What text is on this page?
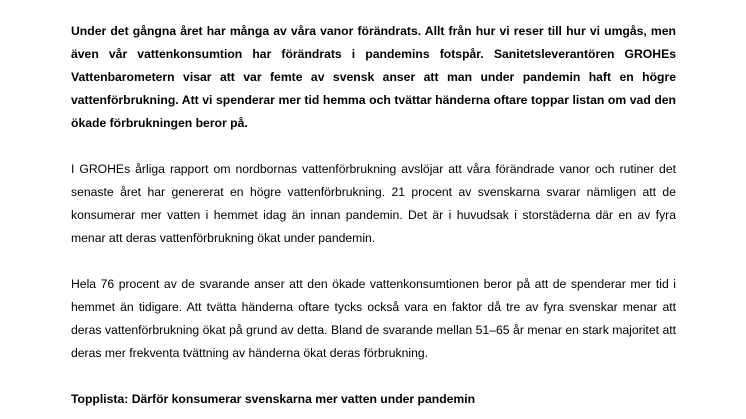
Under det gångna året har många av våra vanor förändrats. Allt från hur vi reser till hur vi umgås, men även vår vattenkonsumtion har förändrats i pandemins fotspår. Sanitetsleverantören GROHEs Vattenbarometern visar att var femte av svensk anser att man under pandemin haft en högre vattenförbrukning. Att vi spenderar mer tid hemma och tvättar händerna oftare toppar listan om vad den ökade förbrukningen beror på.

I GROHEs årliga rapport om nordbornas vattenförbrukning avslöjar att våra förändrade vanor och rutiner det senaste året har genererat en högre vattenförbrukning. 21 procent av svenskarna svarar nämligen att de konsumerar mer vatten i hemmet idag än innan pandemin. Det är i huvudsak i storstäderna där en av fyra menar att deras vattenförbrukning ökat under pandemin.

Hela 76 procent av de svarande anser att den ökade vattenkonsumtionen beror på att de spenderar mer tid i hemmet än tidigare. Att tvätta händerna oftare tycks också vara en faktor då tre av fyra svenskar menar att deras vattenförbrukning ökat på grund av detta. Bland de svarande mellan 51–65 år menar en stark majoritet att deras mer frekventa tvättning av händerna ökat deras förbrukning.

Topplista: Därför konsumerar svenskarna mer vatten under pandemin
